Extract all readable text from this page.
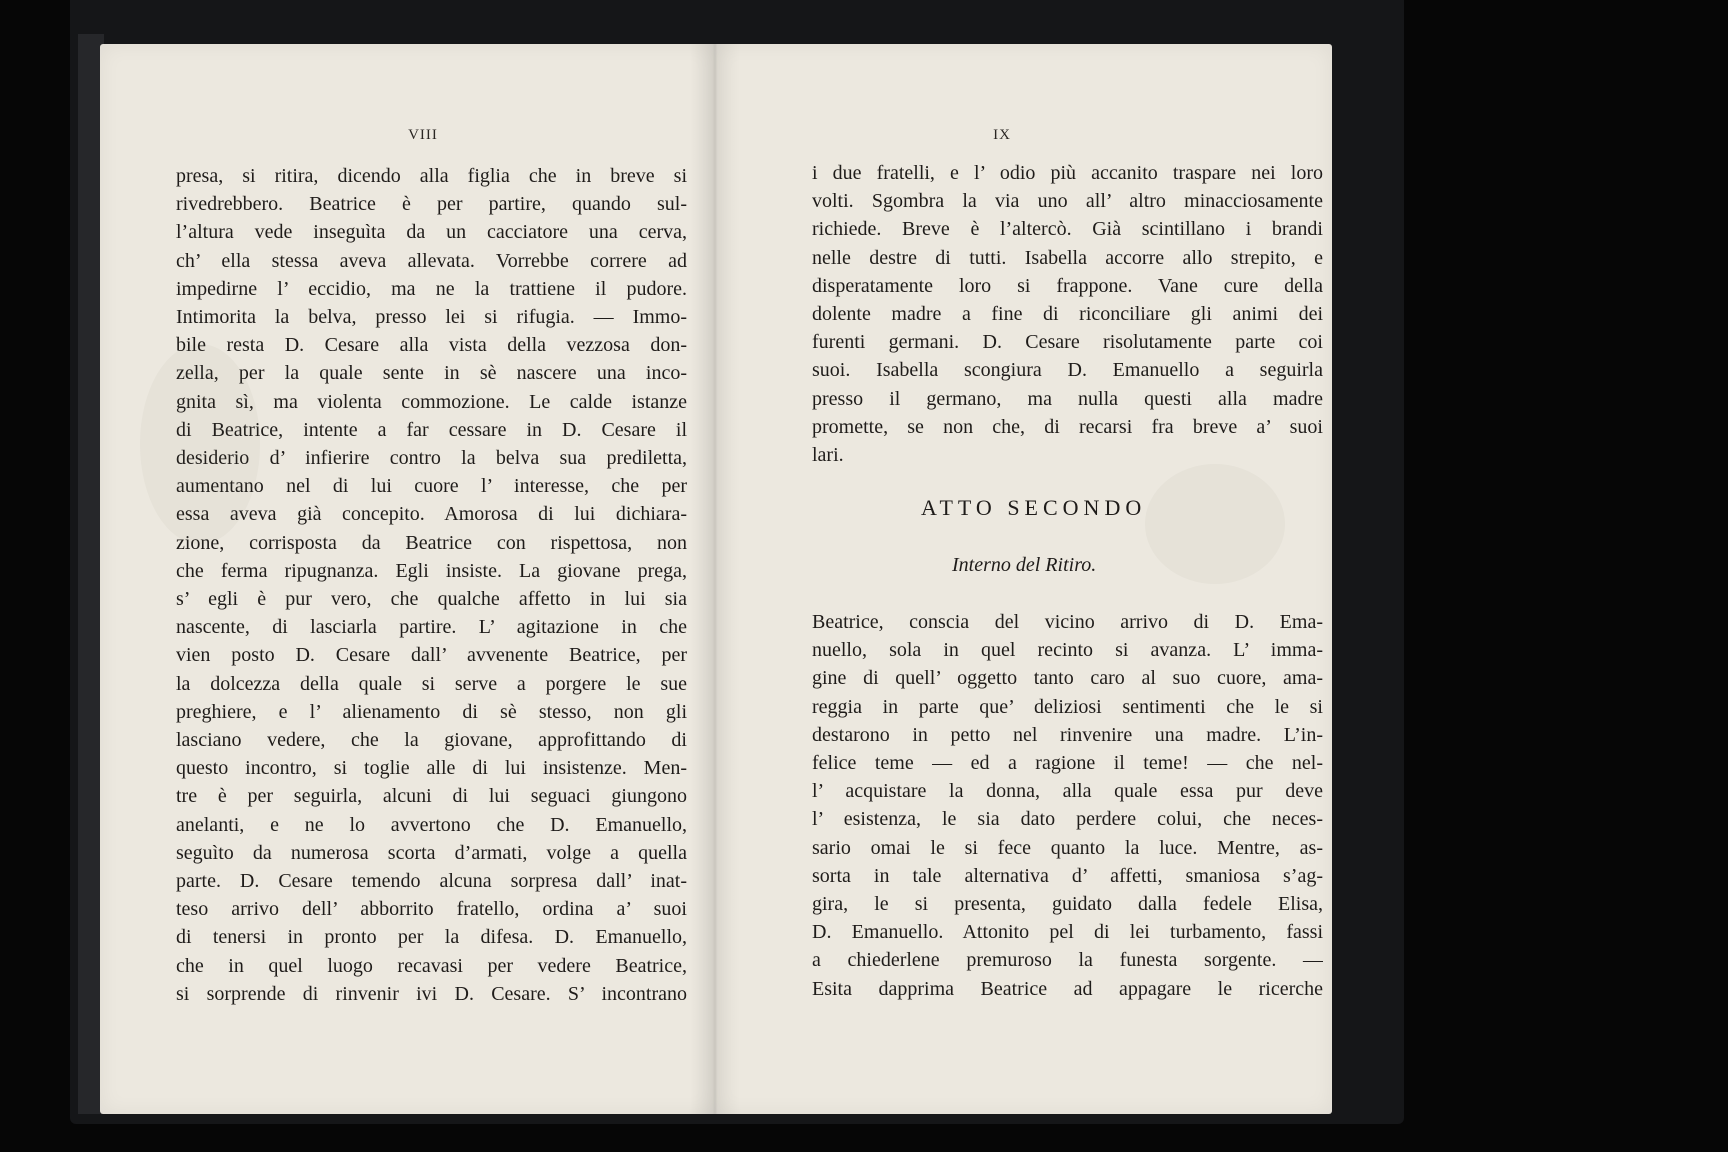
VIII
presa, si ritira, dicendo alla figlia che in breve si
rivedrebbero. Beatrice è per partire, quando sul-
l’altura vede inseguìta da un cacciatore una cerva,
ch’ ella stessa aveva allevata. Vorrebbe correre ad
impedirne l’ eccidio, ma ne la trattiene il pudore.
Intimorita la belva, presso lei si rifugia. — Immo-
bile resta D. Cesare alla vista della vezzosa don-
zella, per la quale sente in sè nascere una inco-
gnita sì, ma violenta commozione. Le calde istanze
di Beatrice, intente a far cessare in D. Cesare il
desiderio d’ infierire contro la belva sua prediletta,
aumentano nel di lui cuore l’ interesse, che per
essa aveva già concepito. Amorosa di lui dichiara-
zione, corrisposta da Beatrice con rispettosa, non
che ferma ripugnanza. Egli insiste. La giovane prega,
s’ egli è pur vero, che qualche affetto in lui sia
nascente, di lasciarla partire. L’ agitazione in che
vien posto D. Cesare dall’ avvenente Beatrice, per
la dolcezza della quale si serve a porgere le sue
preghiere, e l’ alienamento di sè stesso, non gli
lasciano vedere, che la giovane, approfittando di
questo incontro, si toglie alle di lui insistenze. Men-
tre è per seguirla, alcuni di lui seguaci giungono
anelanti, e ne lo avvertono che D. Emanuello,
seguìto da numerosa scorta d’armati, volge a quella
parte. D. Cesare temendo alcuna sorpresa dall’ inat-
teso arrivo dell’ abborrito fratello, ordina a’ suoi
di tenersi in pronto per la difesa. D. Emanuello,
che in quel luogo recavasi per vedere Beatrice,
si sorprende di rinvenir ivi D. Cesare. S’ incontrano
IX
i due fratelli, e l’ odio più accanito traspare nei loro
volti. Sgombra la via uno all’ altro minacciosamente
richiede. Breve è l’altercò. Già scintillano i brandi
nelle destre di tutti. Isabella accorre allo strepito, e
disperatamente loro si frappone. Vane cure della
dolente madre a fine di riconciliare gli animi dei
furenti germani. D. Cesare risolutamente parte coi
suoi. Isabella scongiura D. Emanuello a seguirla
presso il germano, ma nulla questi alla madre
promette, se non che, di recarsi fra breve a’ suoi
lari.
ATTO SECONDO
Interno del Ritiro.
Beatrice, conscia del vicino arrivo di D. Ema-
nuello, sola in quel recinto si avanza. L’ imma-
gine di quell’ oggetto tanto caro al suo cuore, ama-
reggia in parte que’ deliziosi sentimenti che le si
destarono in petto nel rinvenire una madre. L’in-
felice teme — ed a ragione il teme! — che nel-
l’ acquistare la donna, alla quale essa pur deve
l’ esistenza, le sia dato perdere colui, che neces-
sario omai le si fece quanto la luce. Mentre, as-
sorta in tale alternativa d’ affetti, smaniosa s’ag-
gira, le si presenta, guidato dalla fedele Elisa,
D. Emanuello. Attonito pel di lei turbamento, fassi
a chiederlene premuroso la funesta sorgente. —
Esita dapprima Beatrice ad appagare le ricerche
